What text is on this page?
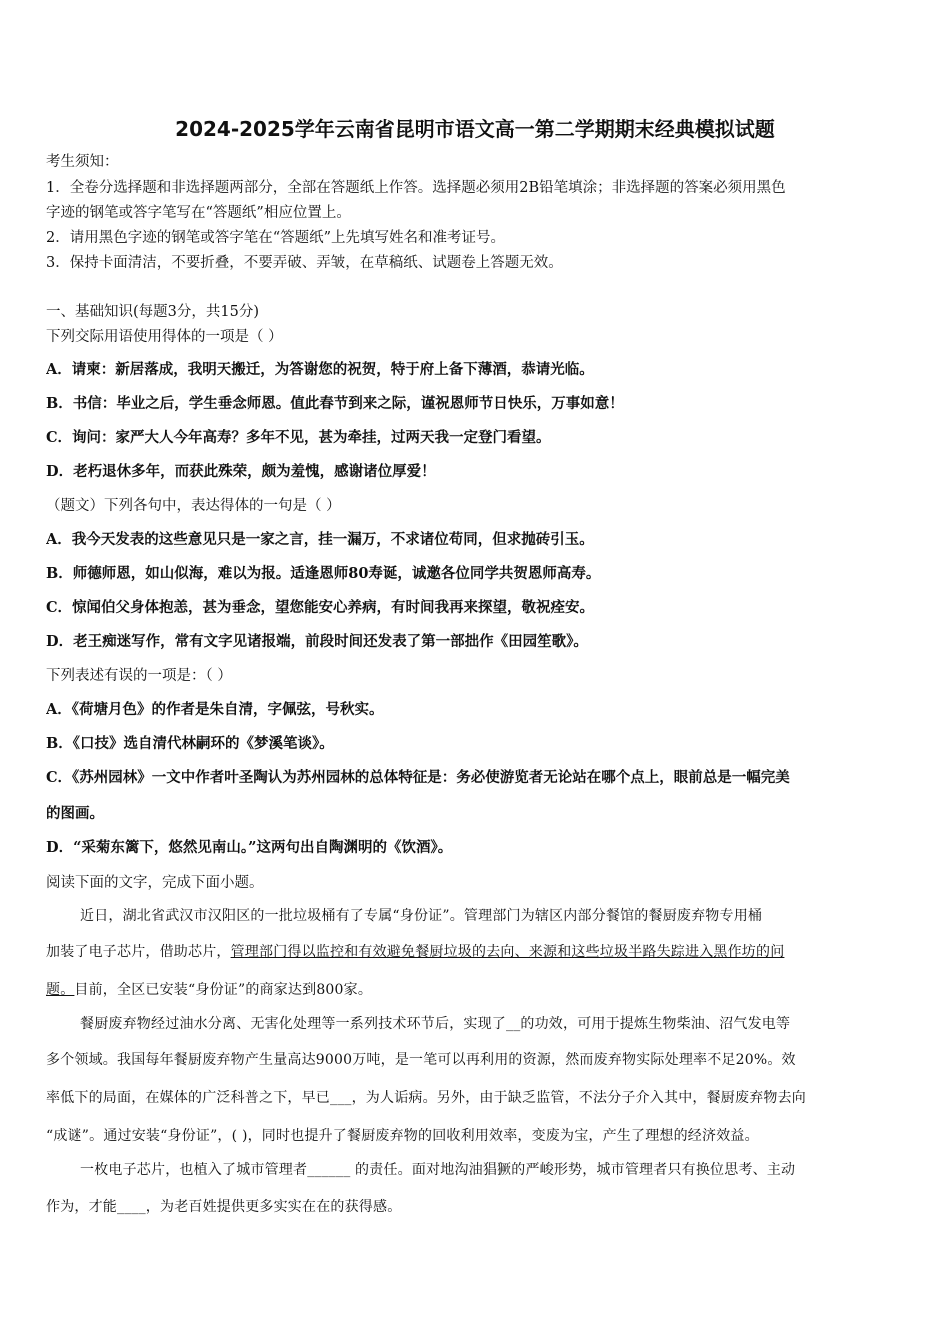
2024-2025学年云南省昆明市语文高一第二学期期末经典模拟试题
考生须知：
1．全卷分选择题和非选择题两部分，全部在答题纸上作答。选择题必须用2B铅笔填涂；非选择题的答案必须用黑色
字迹的钢笔或答字笔写在“答题纸”相应位置上。
2．请用黑色字迹的钢笔或答字笔在“答题纸”上先填写姓名和准考证号。
3．保持卡面清洁，不要折叠，不要弄破、弄皱，在草稿纸、试题卷上答题无效。
一、基础知识(每题3分，共15分)
下列交际用语使用得体的一项是（ ）
A．请柬：新居落成，我明天搬迁，为答谢您的祝贺，特于府上备下薄酒，恭请光临。
B．书信：毕业之后，学生垂念师恩。值此春节到来之际，谨祝恩师节日快乐，万事如意！
C．询问：家严大人今年高寿？多年不见，甚为牵挂，过两天我一定登门看望。
D．老朽退休多年，而获此殊荣，颇为羞愧，感谢诸位厚爱！
（题文）下列各句中，表达得体的一句是（ ）
A．我今天发表的这些意见只是一家之言，挂一漏万，不求诸位苟同，但求抛砖引玉。
B．师德师恩，如山似海，难以为报。适逢恩师80寿诞，诚邀各位同学共贺恩师高寿。
C．惊闻伯父身体抱恙，甚为垂念，望您能安心养病，有时间我再来探望，敬祝痊安。
D．老王痴迷写作，常有文字见诸报端，前段时间还发表了第一部拙作《田园笙歌》。
下列表述有误的一项是：（ ）
A．《荷塘月色》的作者是朱自清，字佩弦，号秋实。
B．《口技》选自清代林嗣环的《梦溪笔谈》。
C．《苏州园林》一文中作者叶圣陶认为苏州园林的总体特征是：务必使游览者无论站在哪个点上，眼前总是一幅完美
的图画。
D．“采菊东篱下，悠然见南山。”这两句出自陶渊明的《饮酒》。
阅读下面的文字，完成下面小题。
近日，湖北省武汉市汉阳区的一批垃圾桶有了专属“身份证”。管理部门为辖区内部分餐馆的餐厨废弃物专用桶
加装了电子芯片，借助芯片，管理部门得以监控和有效避免餐厨垃圾的去向、来源和这些垃圾半路失踪进入黑作坊的问
题。目前，全区已安装“身份证”的商家达到800家。
餐厨废弃物经过油水分离、无害化处理等一系列技术环节后，实现了__的功效，可用于提炼生物柴油、沼气发电等
多个领域。我国每年餐厨废弃物产生量高达9000万吨，是一笔可以再利用的资源，然而废弃物实际处理率不足20%。效
率低下的局面，在媒体的广泛科普之下，早已___，为人诟病。另外，由于缺乏监管，不法分子介入其中，餐厨废弃物去向
“成谜”。通过安装“身份证”，( )，同时也提升了餐厨废弃物的回收利用效率，变废为宝，产生了理想的经济效益。
一枚电子芯片，也植入了城市管理者______ 的责任。面对地沟油猖獗的严峻形势，城市管理者只有换位思考、主动
作为，才能____，为老百姓提供更多实实在在的获得感。
